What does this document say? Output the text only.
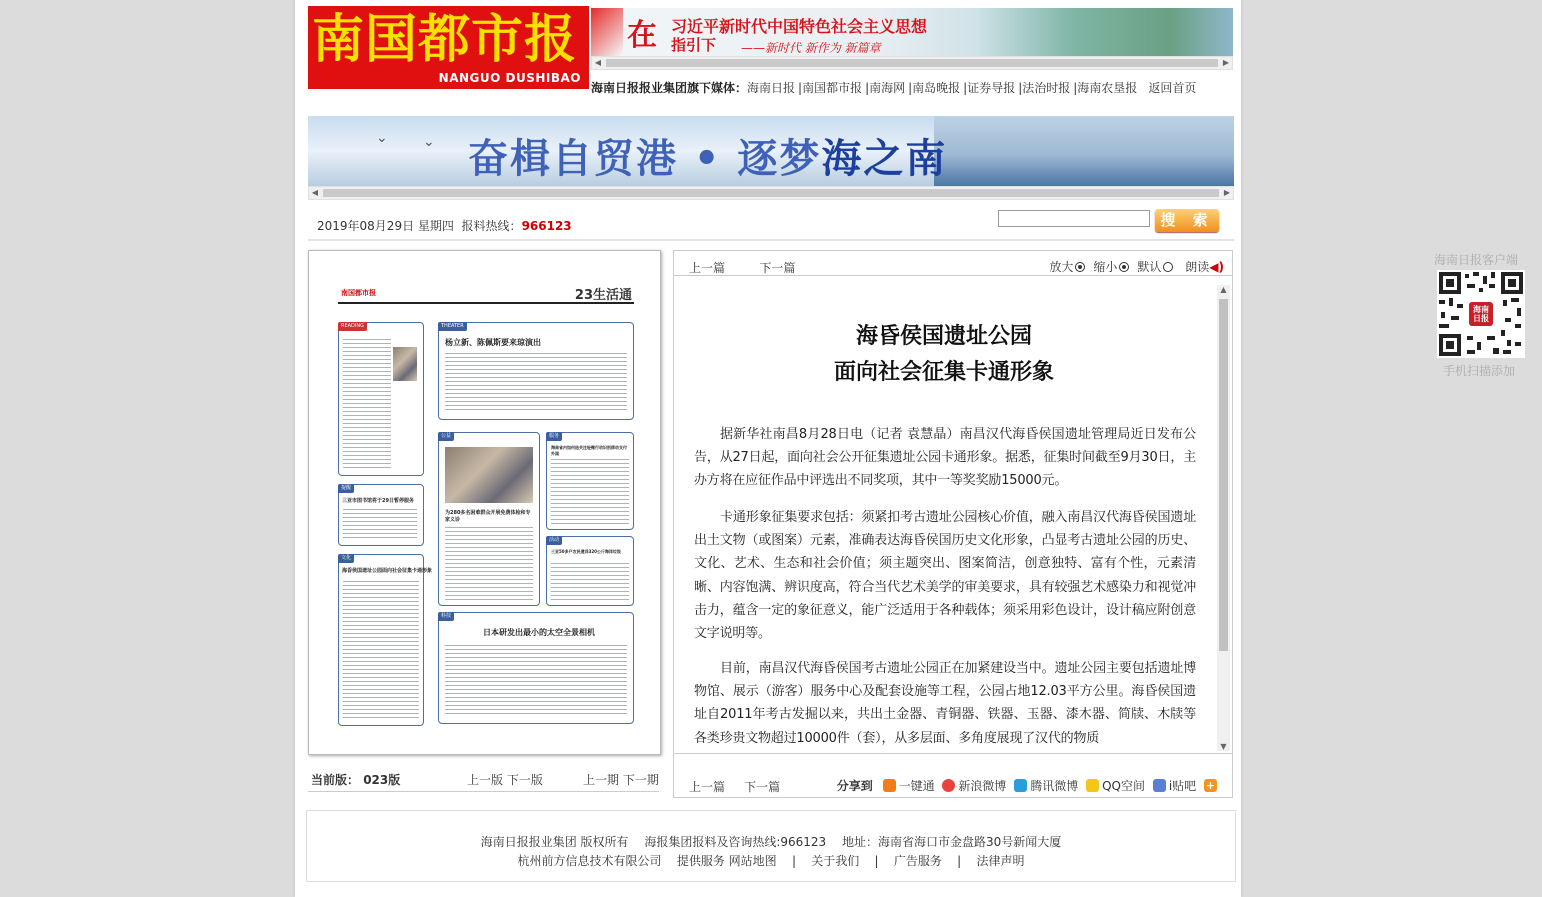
南国都市报
NANGUO DUSHIBAO
在 习近平新时代中国特色社会主义思想
指引下 ——新时代 新作为 新篇章
◀	▶
海南日报报业集团旗下媒体：海南日报 |南国都市报 |南海网 |南岛晚报 |证券导报 |法治时报 |海南农垦报 返回首页
⌄	⌄ 奋楫自贸港 • 逐梦海之南
◀	▶
2019年08月29日 星期四 报料热线：966123	搜 索
南国都市报	23生活通
READING
提醒
三亚市图书馆将于29日暂停服务
文化
海昏侯国遗址公园面向社会征集卡通形象
THEATER
杨立新、陈佩斯要来琼演出
公益
为280多名困难群众开展免费体检和专家义诊
服务
海南省内如何选关注轻微行动识别移动支付外国
活动
三亚50多户农民遗洋320公斤海洋垃圾
科技
日本研发出最小的太空全景相机
当前版： 023版	上一版 下一版	上一期 下一期
上一篇	下一篇	放大 缩小 默认 朗读◀)
海昏侯国遗址公园
面向社会征集卡通形象

据新华社南昌8月28日电（记者 袁慧晶）南昌汉代海昏侯国遗址管理局近日发布公告，从27日起，面向社会公开征集遗址公园卡通形象。据悉，征集时间截至9月30日，主办方将在应征作品中评选出不同奖项，其中一等奖奖励15000元。

卡通形象征集要求包括：须紧扣考古遗址公园核心价值，融入南昌汉代海昏侯国遗址出土文物（或图案）元素，准确表达海昏侯国历史文化形象，凸显考古遗址公园的历史、文化、艺术、生态和社会价值；须主题突出、图案简洁，创意独特、富有个性，元素清晰、内容饱满、辨识度高，符合当代艺术美学的审美要求，具有较强艺术感染力和视觉冲击力，蕴含一定的象征意义，能广泛适用于各种载体；须采用彩色设计，设计稿应附创意文字说明等。

目前，南昌汉代海昏侯国考古遗址公园正在加紧建设当中。遗址公园主要包括遗址博物馆、展示（游客）服务中心及配套设施等工程，公园占地12.03平方公里。海昏侯国遗址自2011年考古发掘以来，共出土金器、青铜器、铁器、玉器、漆木器、简牍、木牍等各类珍贵文物超过10000件（套），从多层面、多角度展现了汉代的物质

▲
▼
上一篇 下一篇	分享到 一键通 新浪微博 腾讯微博 QQ空间 i贴吧 +
海南日报报业集团 版权所有　 海报集团报料及咨询热线:966123　 地址：海南省海口市金盘路30号新闻大厦
杭州前方信息技术有限公司 提供服务 网站地图 | 关于我们 | 广告服务 | 法律声明
海南日报客户端
海南日报
手机扫描添加
